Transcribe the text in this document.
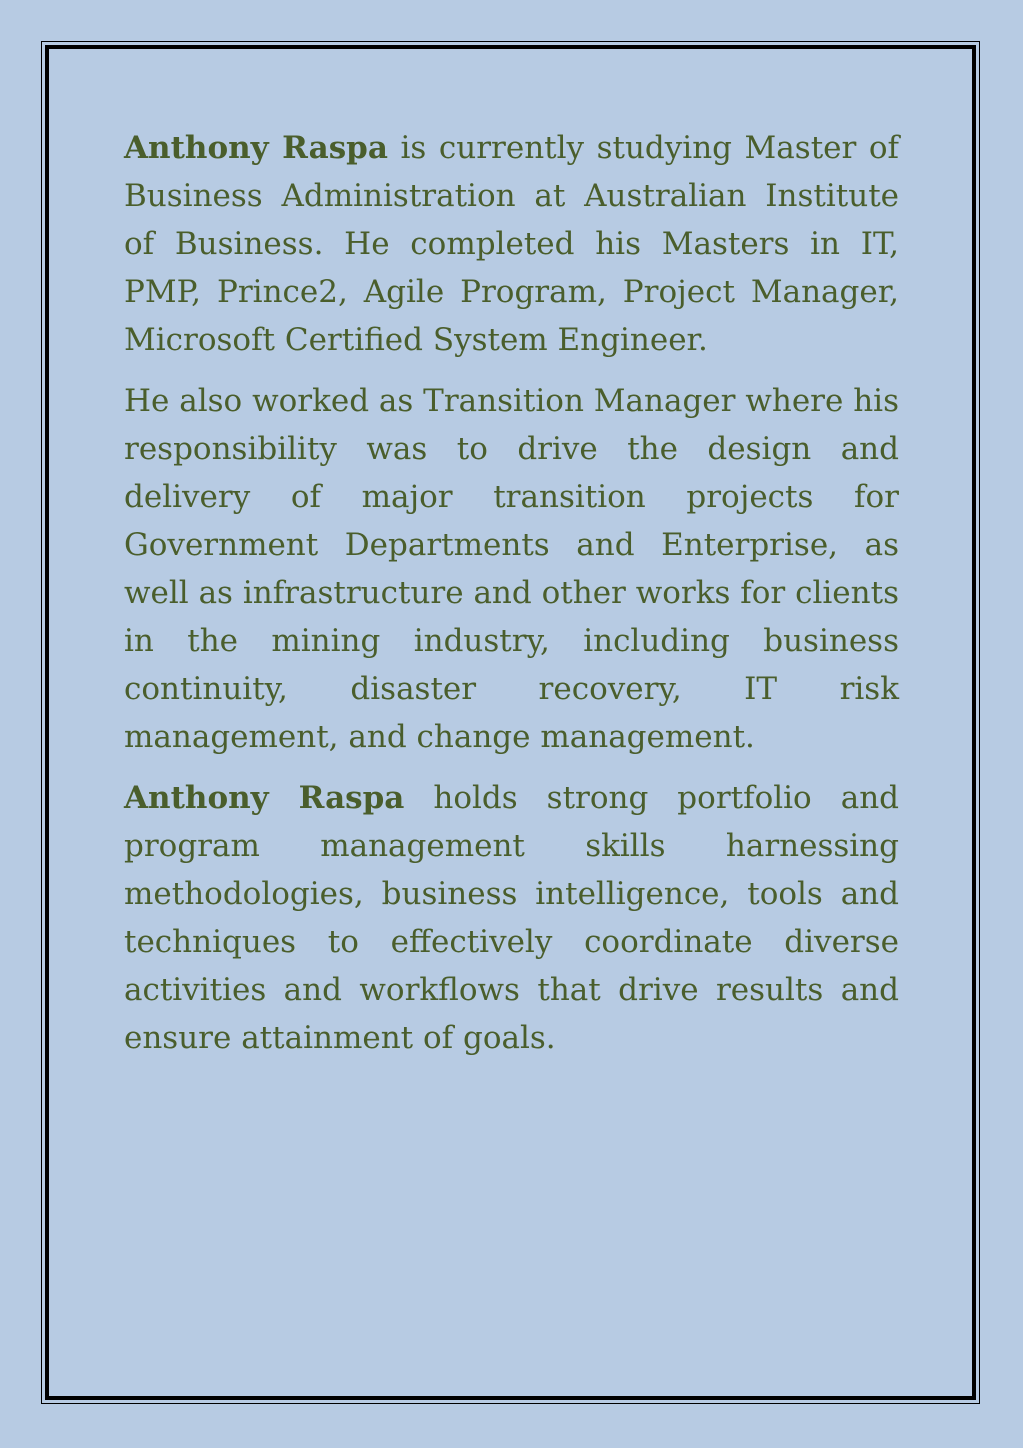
Anthony Raspa is currently studying Master of Business Administration at Australian Institute of Business. He completed his Masters in IT, PMP, Prince2, Agile Program, Project Manager, Microsoft Certified System Engineer.

He also worked as Transition Manager where his responsibility was to drive the design and delivery of major transition projects for Government Departments and Enterprise, as well as infrastructure and other works for clients in the mining industry, including business continuity, disaster recovery, IT risk management, and change management.

Anthony Raspa holds strong portfolio and program management skills harnessing methodologies, business intelligence, tools and techniques to effectively coordinate diverse activities and workflows that drive results and ensure attainment of goals.
